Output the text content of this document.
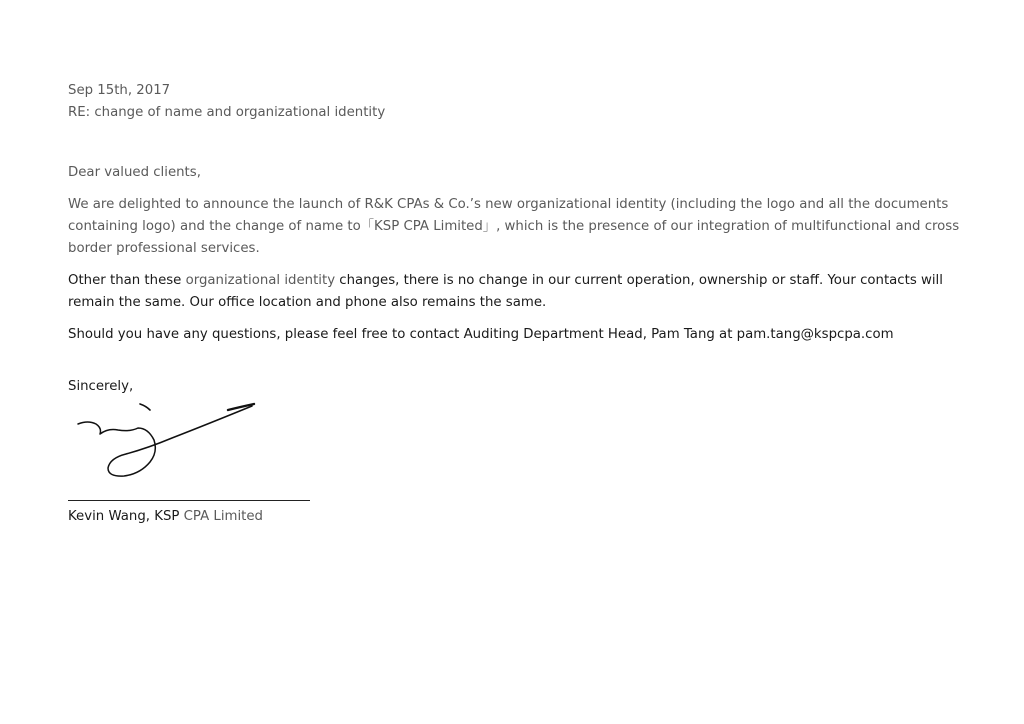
Sep 15th, 2017

RE: change of name and organizational identity

Dear valued clients,

We are delighted to announce the launch of R&K CPAs & Co.’s new organizational identity (including the logo and all the documents containing logo) and the change of name to「KSP CPA Limited」, which is the presence of our integration of multifunctional and cross border professional services.

Other than these organizational identity changes, there is no change in our current operation, ownership or staff. Your contacts will remain the same. Our office location and phone also remains the same.

Should you have any questions, please feel free to contact Auditing Department Head, Pam Tang at pam.tang@kspcpa.com

Sincerely,

Kevin Wang, KSP CPA Limited
